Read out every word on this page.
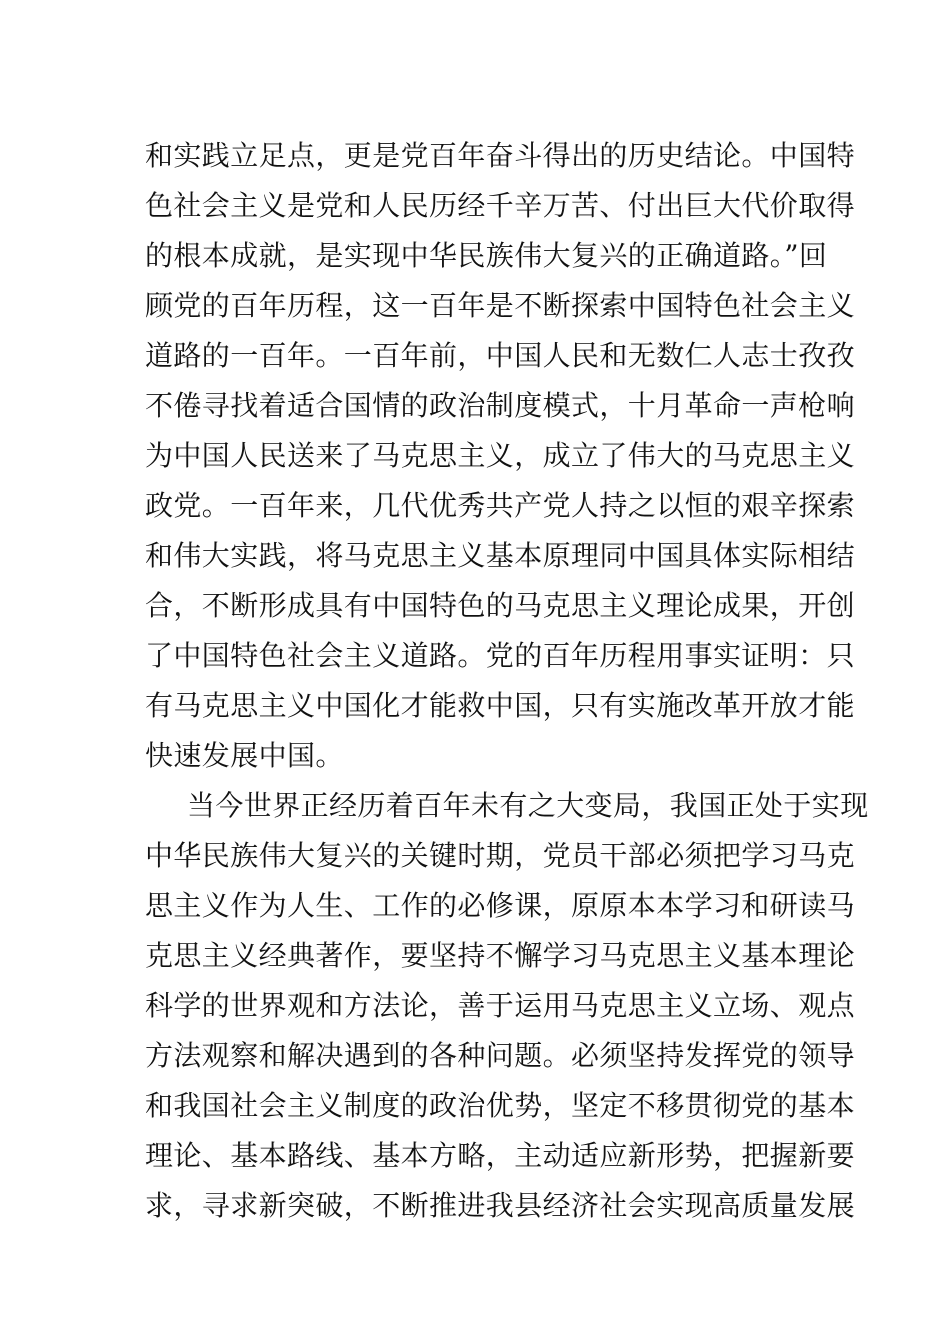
和实践立足点，更是党百年奋斗得出的历史结论。中国特
色社会主义是党和人民历经千辛万苦、付出巨大代价取得
的根本成就，是实现中华民族伟大复兴的正确道路。”回
顾党的百年历程，这一百年是不断探索中国特色社会主义
道路的一百年。一百年前，中国人民和无数仁人志士孜孜
不倦寻找着适合国情的政治制度模式，十月革命一声枪响
为中国人民送来了马克思主义，成立了伟大的马克思主义
政党。一百年来，几代优秀共产党人持之以恒的艰辛探索
和伟大实践，将马克思主义基本原理同中国具体实际相结
合，不断形成具有中国特色的马克思主义理论成果，开创
了中国特色社会主义道路。党的百年历程用事实证明：只
有马克思主义中国化才能救中国，只有实施改革开放才能
快速发展中国。
当今世界正经历着百年未有之大变局，我国正处于实现
中华民族伟大复兴的关键时期，党员干部必须把学习马克
思主义作为人生、工作的必修课，原原本本学习和研读马
克思主义经典著作，要坚持不懈学习马克思主义基本理论
科学的世界观和方法论，善于运用马克思主义立场、观点
方法观察和解决遇到的各种问题。必须坚持发挥党的领导
和我国社会主义制度的政治优势，坚定不移贯彻党的基本
理论、基本路线、基本方略，主动适应新形势，把握新要
求，寻求新突破，不断推进我县经济社会实现高质量发展
